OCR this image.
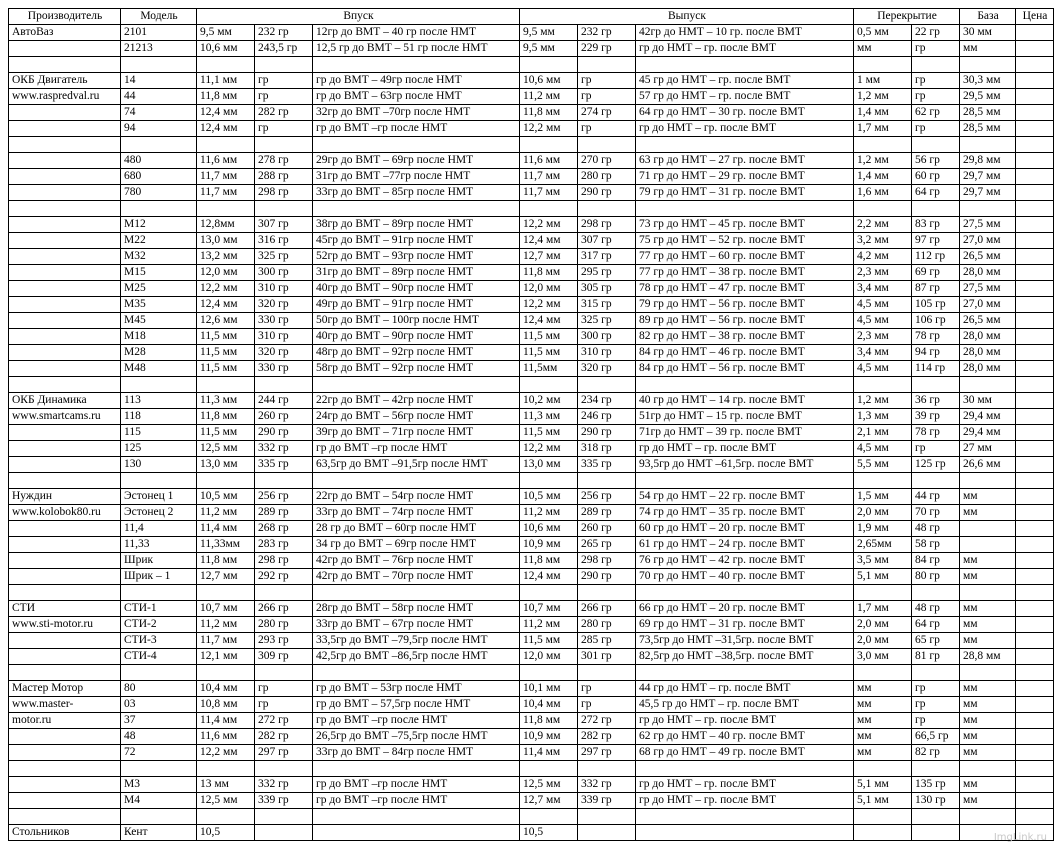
Производитель	Модель	Впуск			Выпуск			Перекрытие		База	Цена
АвтоВаз	2101	9,5 мм	232 гр	12гр до ВМТ – 40 гр после НМТ	9,5 мм	232 гр	42гр до НМТ – 10 гр. после ВМТ	0,5 мм	22 гр	30 мм	
	21213	10,6 мм	243,5 гр	12,5 гр до ВМТ – 51 гр после НМТ	9,5 мм	229 гр	гр до НМТ – гр. после ВМТ	мм	гр	мм	

ОКБ Двигатель	14	11,1 мм	гр	гр до ВМТ – 49гр после НМТ	10,6 мм	гр	45 гр до НМТ – гр. после ВМТ	1 мм	гр	30,3 мм	
www.raspredval.ru	44	11,8 мм	гр	гр до ВМТ – 63гр после НМТ	11,2 мм	гр	57 гр до НМТ – гр. после ВМТ	1,2 мм	гр	29,5 мм	
	74	12,4 мм	282 гр	32гр до ВМТ –70гр после НМТ	11,8 мм	274 гр	64 гр до НМТ – 30 гр. после ВМТ	1,4 мм	62 гр	28,5 мм	
	94	12,4 мм	гр	гр до ВМТ –гр после НМТ	12,2 мм	гр	гр до НМТ – гр. после ВМТ	1,7 мм	гр	28,5 мм	

	480	11,6 мм	278 гр	29гр до ВМТ – 69гр после НМТ	11,6 мм	270 гр	63 гр до НМТ – 27 гр. после ВМТ	1,2 мм	56 гр	29,8 мм	
	680	11,7 мм	288 гр	31гр до ВМТ –77гр после НМТ	11,7 мм	280 гр	71 гр до НМТ – 29 гр. после ВМТ	1,4 мм	60 гр	29,7 мм	
	780	11,7 мм	298 гр	33гр до ВМТ – 85гр после НМТ	11,7 мм	290 гр	79 гр до НМТ – 31 гр. после ВМТ	1,6 мм	64 гр	29,7 мм	

	М12	12,8мм	307 гр	38гр до ВМТ – 89гр после НМТ	12,2 мм	298 гр	73 гр до НМТ – 45 гр. после ВМТ	2,2 мм	83 гр	27,5 мм	
	М22	13,0 мм	316 гр	45гр до ВМТ – 91гр после НМТ	12,4 мм	307 гр	75 гр до НМТ – 52 гр. после ВМТ	3,2 мм	97 гр	27,0 мм	
	М32	13,2 мм	325 гр	52гр до ВМТ – 93гр после НМТ	12,7 мм	317 гр	77 гр до НМТ – 60 гр. после ВМТ	4,2 мм	112 гр	26,5 мм	
	М15	12,0 мм	300 гр	31гр до ВМТ – 89гр после НМТ	11,8 мм	295 гр	77 гр до НМТ – 38 гр. после ВМТ	2,3 мм	69 гр	28,0 мм	
	М25	12,2 мм	310 гр	40гр до ВМТ – 90гр после НМТ	12,0 мм	305 гр	78 гр до НМТ – 47 гр. после ВМТ	3,4 мм	87 гр	27,5 мм	
	М35	12,4 мм	320 гр	49гр до ВМТ – 91гр после НМТ	12,2 мм	315 гр	79 гр до НМТ – 56 гр. после ВМТ	4,5 мм	105 гр	27,0 мм	
	М45	12,6 мм	330 гр	50гр до ВМТ – 100гр после НМТ	12,4 мм	325 гр	89 гр до НМТ – 56 гр. после ВМТ	4,5 мм	106 гр	26,5 мм	
	М18	11,5 мм	310 гр	40гр до ВМТ – 90гр после НМТ	11,5 мм	300 гр	82 гр до НМТ – 38 гр. после ВМТ	2,3 мм	78 гр	28,0 мм	
	М28	11,5 мм	320 гр	48гр до ВМТ – 92гр после НМТ	11,5 мм	310 гр	84 гр до НМТ – 46 гр. после ВМТ	3,4 мм	94 гр	28,0 мм	
	М48	11,5 мм	330 гр	58гр до ВМТ – 92гр после НМТ	11,5мм	320 гр	84 гр до НМТ – 56 гр. после ВМТ	4,5 мм	114 гр	28,0 мм	

ОКБ Динамика	113	11,3 мм	244 гр	22гр до ВМТ – 42гр после НМТ	10,2 мм	234 гр	40 гр до НМТ – 14 гр. после ВМТ	1,2 мм	36 гр	30 мм	
www.smartcams.ru	118	11,8 мм	260 гр	24гр до ВМТ – 56гр после НМТ	11,3 мм	246 гр	51гр до НМТ – 15 гр. после ВМТ	1,3 мм	39 гр	29,4 мм	
	115	11,5 мм	290 гр	39гр до ВМТ – 71гр после НМТ	11,5 мм	290 гр	71гр до НМТ – 39 гр. после ВМТ	2,1 мм	78 гр	29,4 мм	
	125	12,5 мм	332 гр	гр до ВМТ –гр после НМТ	12,2 мм	318 гр	гр до НМТ – гр. после ВМТ	4,5 мм	гр	27 мм	
	130	13,0 мм	335 гр	63,5гр до ВМТ –91,5гр после НМТ	13,0 мм	335 гр	93,5гр до НМТ –61,5гр. после ВМТ	5,5 мм	125 гр	26,6 мм	

Нуждин	Эстонец 1	10,5 мм	256 гр	22гр до ВМТ – 54гр после НМТ	10,5 мм	256 гр	54 гр до НМТ – 22 гр. после ВМТ	1,5 мм	44 гр	мм	
www.kolobok80.ru	Эстонец 2	11,2 мм	289 гр	33гр до ВМТ – 74гр после НМТ	11,2 мм	289 гр	74 гр до НМТ – 35 гр. после ВМТ	2,0 мм	70 гр	мм	
	11,4	11,4 мм	268 гр	28 гр до ВМТ – 60гр после НМТ	10,6 мм	260 гр	60 гр до НМТ – 20 гр. после ВМТ	1,9 мм	48 гр		
	11,33	11,33мм	283 гр	34 гр до ВМТ – 69гр после НМТ	10,9 мм	265 гр	61 гр до НМТ – 24 гр. после ВМТ	2,65мм	58 гр		
	Шрик	11,8 мм	298 гр	42гр до ВМТ – 76гр после НМТ	11,8 мм	298 гр	76 гр до НМТ – 42 гр. после ВМТ	3,5 мм	84 гр	мм	
	Шрик – 1	12,7 мм	292 гр	42гр до ВМТ – 70гр после НМТ	12,4 мм	290 гр	70 гр до НМТ – 40 гр. после ВМТ	5,1 мм	80 гр	мм	

СТИ	СТИ-1	10,7 мм	266 гр	28гр до ВМТ – 58гр после НМТ	10,7 мм	266 гр	66 гр до НМТ – 20 гр. после ВМТ	1,7 мм	48 гр	мм	
www.sti-motor.ru	СТИ-2	11,2 мм	280 гр	33гр до ВМТ – 67гр после НМТ	11,2 мм	280 гр	69 гр до НМТ – 31 гр. после ВМТ	2,0 мм	64 гр	мм	
	СТИ-3	11,7 мм	293 гр	33,5гр до ВМТ –79,5гр после НМТ	11,5 мм	285 гр	73,5гр до НМТ –31,5гр. после ВМТ	2,0 мм	65 гр	мм	
	СТИ-4	12,1 мм	309 гр	42,5гр до ВМТ –86,5гр после НМТ	12,0 мм	301 гр	82,5гр до НМТ –38,5гр. после ВМТ	3,0 мм	81 гр	28,8 мм	

Мастер Мотор	80	10,4 мм	гр	гр до ВМТ – 53гр после НМТ	10,1 мм	гр	44 гр до НМТ – гр. после ВМТ	мм	гр	мм	
www.master-	03	10,8 мм	гр	гр до ВМТ – 57,5гр после НМТ	10,4 мм	гр	45,5 гр до НМТ – гр. после ВМТ	мм	гр	мм	
motor.ru	37	11,4 мм	272 гр	гр до ВМТ –гр после НМТ	11,8 мм	272 гр	гр до НМТ – гр. после ВМТ	мм	гр	мм	
	48	11,6 мм	282 гр	26,5гр до ВМТ –75,5гр после НМТ	10,9 мм	282 гр	62 гр до НМТ – 40 гр. после ВМТ	мм	66,5 гр	мм	
	72	12,2 мм	297 гр	33гр до ВМТ – 84гр после НМТ	11,4 мм	297 гр	68 гр до НМТ – 49 гр. после ВМТ	мм	82 гр	мм	

	М3	13 мм	332 гр	гр до ВМТ –гр после НМТ	12,5 мм	332 гр	гр до НМТ – гр. после ВМТ	5,1 мм	135 гр	мм	
	М4	12,5 мм	339 гр	гр до ВМТ –гр после НМТ	12,7 мм	339 гр	гр до НМТ – гр. после ВМТ	5,1 мм	130 гр	мм	

Стольников	Кент	10,5			10,5							ImgLink.ru
